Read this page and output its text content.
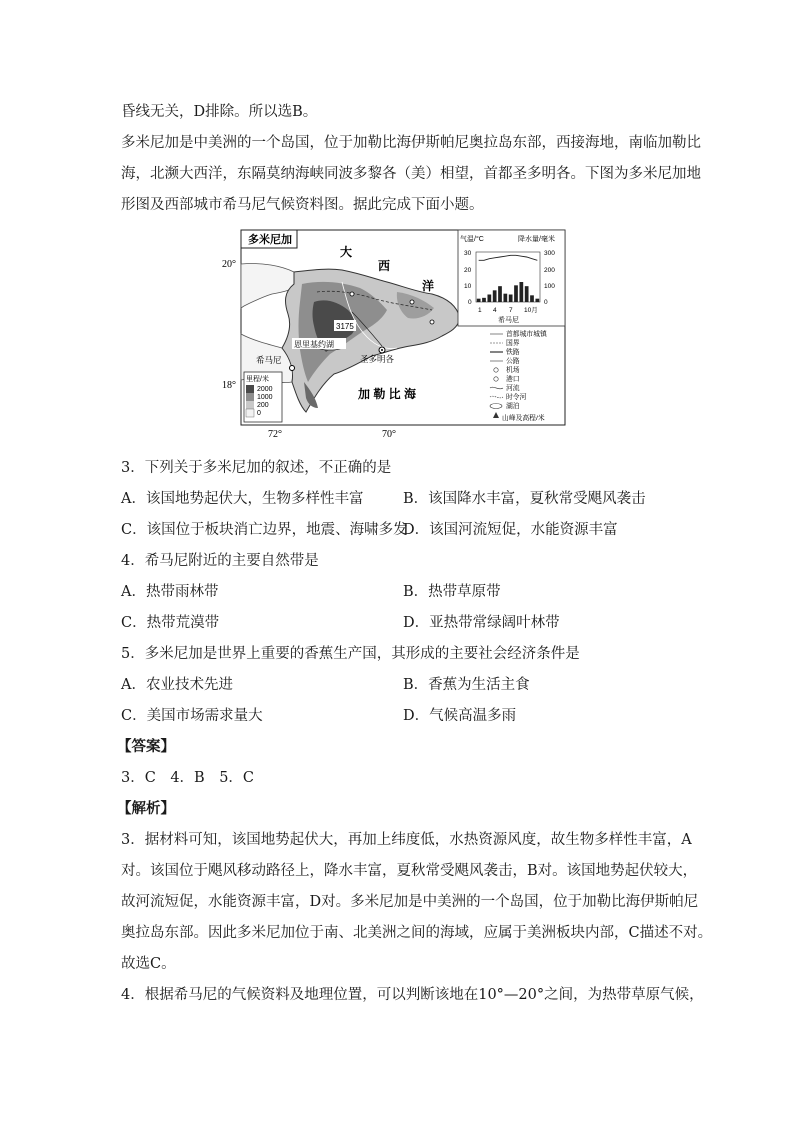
昏线无关，D排除。所以选B。
多米尼加是中美洲的一个岛国，位于加勒比海伊斯帕尼奥拉岛东部，西接海地，南临加勒比
海，北濒大西洋，东隔莫纳海峡同波多黎各（美）相望，首都圣多明各。下图为多米尼加地
形图及西部城市希马尼气候资料图。据此完成下面小题。
多米尼加
3175
恩里基约湖
希马尼	圣多明各
大
西
洋
加 勒 比 海
20°
18°
72°	70°
里程/米
2000
1000
200
0
气温/°C	降水量/毫米
30
20
10
0
300
200
100
0
1 4 7 10月
希马尼
首都城市城镇
国界
铁路
公路
机场
港口
河流
时令河
湖泊
山峰及高程/米
3．下列关于多米尼加的叙述，不正确的是
A．该国地势起伏大，生物多样性丰富	B．该国降水丰富，夏秋常受飓风袭击
C．该国位于板块消亡边界，地震、海啸多发
D．该国河流短促，水能资源丰富
4．希马尼附近的主要自然带是
A．热带雨林带	B．热带草原带
C．热带荒漠带	D．亚热带常绿阔叶林带
5．多米尼加是世界上重要的香蕉生产国，其形成的主要社会经济条件是
A．农业技术先进	B．香蕉为生活主食
C．美国市场需求量大	D．气候高温多雨
【答案】
3．C　4．B　5．C
【解析】
3．据材料可知，该国地势起伏大，再加上纬度低，水热资源风度，故生物多样性丰富，A
对。该国位于飓风移动路径上，降水丰富，夏秋常受飓风袭击，B对。该国地势起伏较大，
故河流短促，水能资源丰富，D对。多米尼加是中美洲的一个岛国，位于加勒比海伊斯帕尼
奥拉岛东部。因此多米尼加位于南、北美洲之间的海域，应属于美洲板块内部，C描述不对。
故选C。
4．根据希马尼的气候资料及地理位置，可以判断该地在10°—20°之间，为热带草原气候，
